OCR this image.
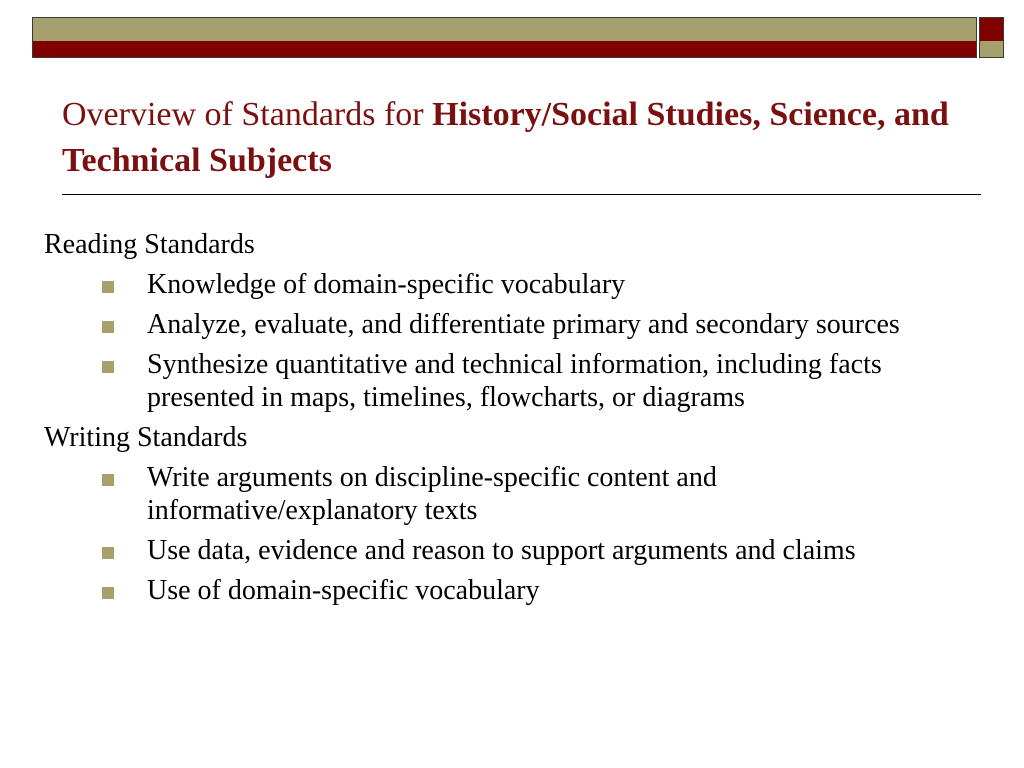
Overview of Standards for History/Social Studies, Science, and Technical Subjects

Reading Standards

Knowledge of domain-specific vocabulary
Analyze, evaluate, and differentiate primary and secondary sources
Synthesize quantitative and technical information, including facts presented in maps, timelines, flowcharts, or diagrams

Writing Standards

Write arguments on discipline-specific content and informative/explanatory texts
Use data, evidence and reason to support arguments and claims
Use of domain-specific vocabulary
